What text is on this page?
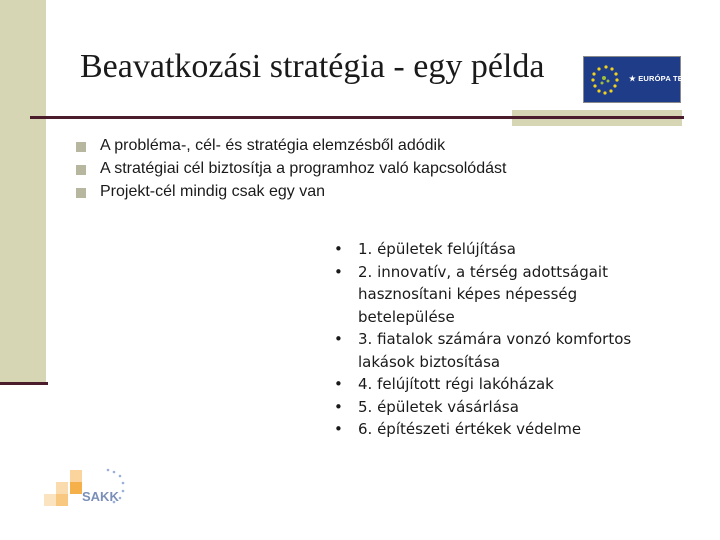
Beavatkozási stratégia - egy példa	★ EURÓPA TERV
A probléma-, cél- és stratégia elemzésből adódik
A stratégiai cél biztosítja a programhoz való kapcsolódást
Projekt-cél mindig csak egy van
• 1. épületek felújítása
• 2. innovatív, a térség adottságait hasznosítani képes népesség betelepülése
• 3. fiatalok számára vonzó komfortos lakások biztosítása
• 4. felújított régi lakóházak
• 5. épületek vásárlása
• 6. építészeti értékek védelme
SAKK
